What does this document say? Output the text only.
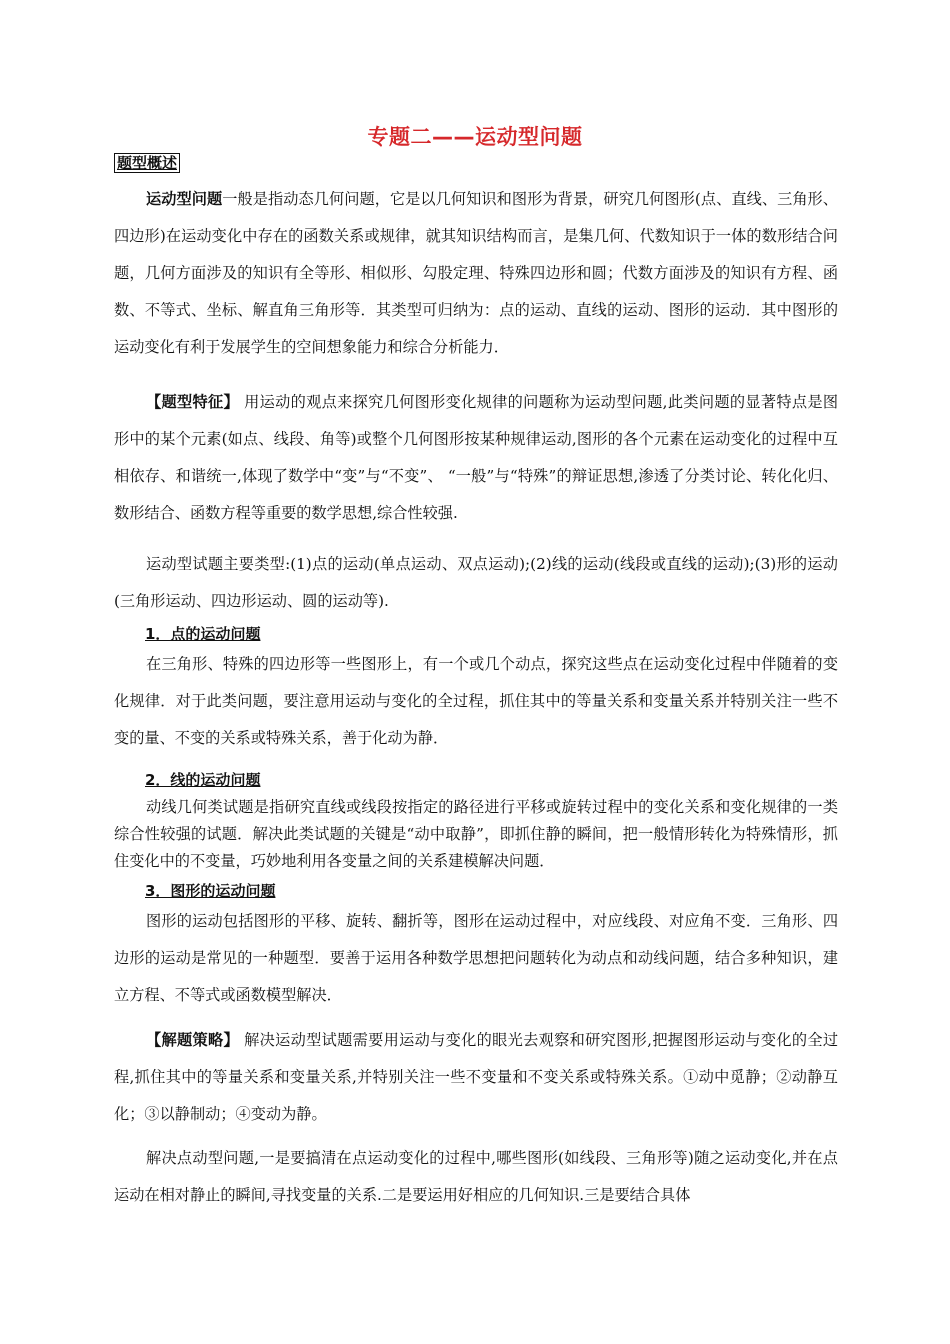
专题二——运动型问题
题型概述

运动型问题一般是指动态几何问题，它是以几何知识和图形为背景，研究几何图形(点、直线、三角形、四边形)在运动变化中存在的函数关系或规律，就其知识结构而言，是集几何、代数知识于一体的数形结合问题，几何方面涉及的知识有全等形、相似形、勾股定理、特殊四边形和圆；代数方面涉及的知识有方程、函数、不等式、坐标、解直角三角形等．其类型可归纳为：点的运动、直线的运动、图形的运动．其中图形的运动变化有利于发展学生的空间想象能力和综合分析能力．

【题型特征】 用运动的观点来探究几何图形变化规律的问题称为运动型问题,此类问题的显著特点是图形中的某个元素(如点、线段、角等)或整个几何图形按某种规律运动,图形的各个元素在运动变化的过程中互相依存、和谐统一,体现了数学中“变”与“不变”、 “一般”与“特殊”的辩证思想,渗透了分类讨论、转化化归、数形结合、函数方程等重要的数学思想,综合性较强.

运动型试题主要类型:(1)点的运动(单点运动、双点运动);(2)线的运动(线段或直线的运动);(3)形的运动(三角形运动、四边形运动、圆的运动等).

1．点的运动问题

在三角形、特殊的四边形等一些图形上，有一个或几个动点，探究这些点在运动变化过程中伴随着的变化规律．对于此类问题，要注意用运动与变化的全过程，抓住其中的等量关系和变量关系并特别关注一些不变的量、不变的关系或特殊关系，善于化动为静．

2．线的运动问题

动线几何类试题是指研究直线或线段按指定的路径进行平移或旋转过程中的变化关系和变化规律的一类综合性较强的试题．解决此类试题的关键是“动中取静”，即抓住静的瞬间，把一般情形转化为特殊情形，抓住变化中的不变量，巧妙地利用各变量之间的关系建模解决问题．

3．图形的运动问题

图形的运动包括图形的平移、旋转、翻折等，图形在运动过程中，对应线段、对应角不变．三角形、四边形的运动是常见的一种题型．要善于运用各种数学思想把问题转化为动点和动线问题，结合多种知识，建立方程、不等式或函数模型解决．

【解题策略】 解决运动型试题需要用运动与变化的眼光去观察和研究图形,把握图形运动与变化的全过程,抓住其中的等量关系和变量关系,并特别关注一些不变量和不变关系或特殊关系。①动中觅静；②动静互化；③以静制动；④变动为静。

解决点动型问题,一是要搞清在点运动变化的过程中,哪些图形(如线段、三角形等)随之运动变化,并在点运动在相对静止的瞬间,寻找变量的关系.二是要运用好相应的几何知识.三是要结合具体
